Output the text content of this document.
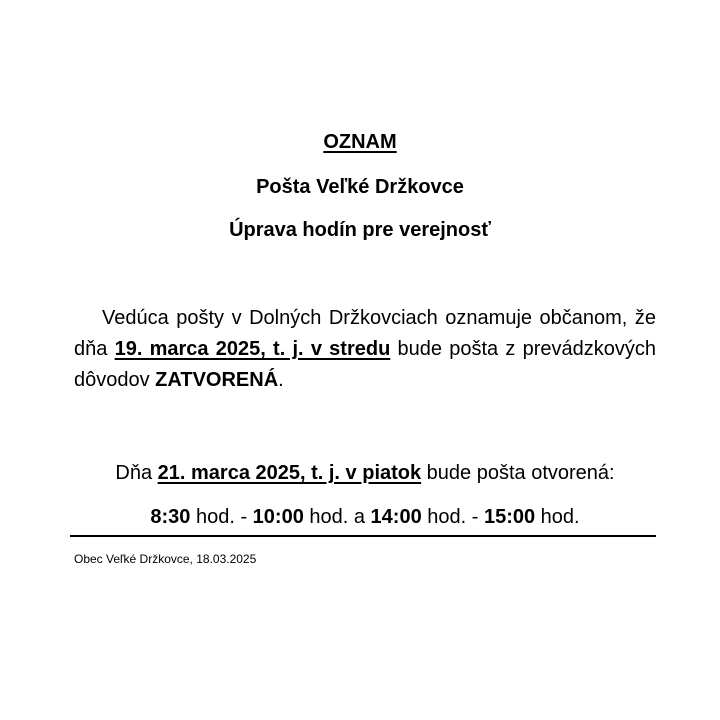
OZNAM
Pošta Veľké Držkovce
Úprava hodín pre verejnosť
Vedúca pošty v Dolných Držkovciach oznamuje občanom, že dňa 19. marca 2025, t. j. v stredu bude pošta z prevádzkových dôvodov ZATVORENÁ.
Dňa 21. marca 2025, t. j. v piatok bude pošta otvorená:
8:30 hod. - 10:00 hod. a 14:00 hod. - 15:00 hod.
Obec Veľké Držkovce, 18.03.2025
